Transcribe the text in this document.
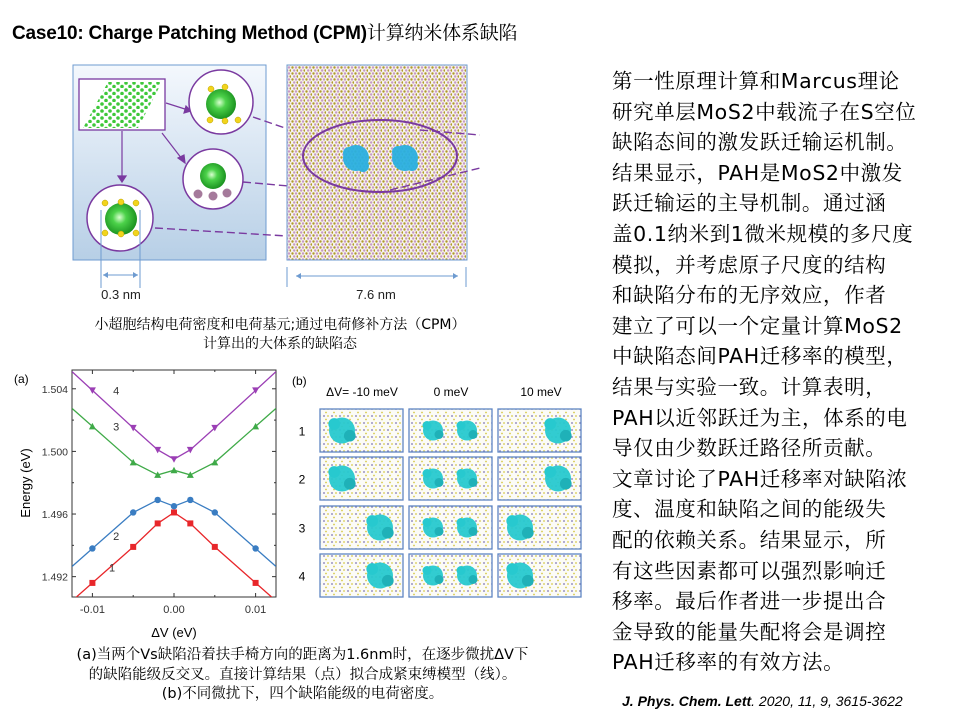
Case10: Charge Patching Method (CPM)计算纳米体系缺陷
0.3 nm	7.6 nm
小超胞结构电荷密度和电荷基元;通过电荷修补方法（CPM）
计算出的大体系的缺陷态
(a)
1.492
1.496
1.500
1.504
-0.01	0.00	0.01
1
2
3
4
ΔV (eV)
Energy (eV)
(b)
ΔV= -10 meV	0 meV	10 meV
1
2
3
4
(a)当两个Vs缺陷沿着扶手椅方向的距离为1.6nm时，在逐步微扰ΔV下
的缺陷能级反交叉。直接计算结果（点）拟合成紧束缚模型（线）。
(b)不同微扰下，四个缺陷能级的电荷密度。
第一性原理计算和Marcus理论
研究单层MoS2中载流子在S空位
缺陷态间的激发跃迁输运机制。
结果显示，PAH是MoS2中激发
跃迁输运的主导机制。通过涵
盖0.1纳米到1微米规模的多尺度
模拟，并考虑原子尺度的结构
和缺陷分布的无序效应，作者
建立了可以一个定量计算MoS2
中缺陷态间PAH迁移率的模型，
结果与实验一致。计算表明，
PAH以近邻跃迁为主，体系的电
导仅由少数跃迁路径所贡献。
文章讨论了PAH迁移率对缺陷浓
度、温度和缺陷之间的能级失
配的依赖关系。结果显示，所
有这些因素都可以强烈影响迁
移率。最后作者进一步提出合
金导致的能量失配将会是调控
PAH迁移率的有效方法。
J. Phys. Chem. Lett. 2020, 11, 9, 3615-3622
